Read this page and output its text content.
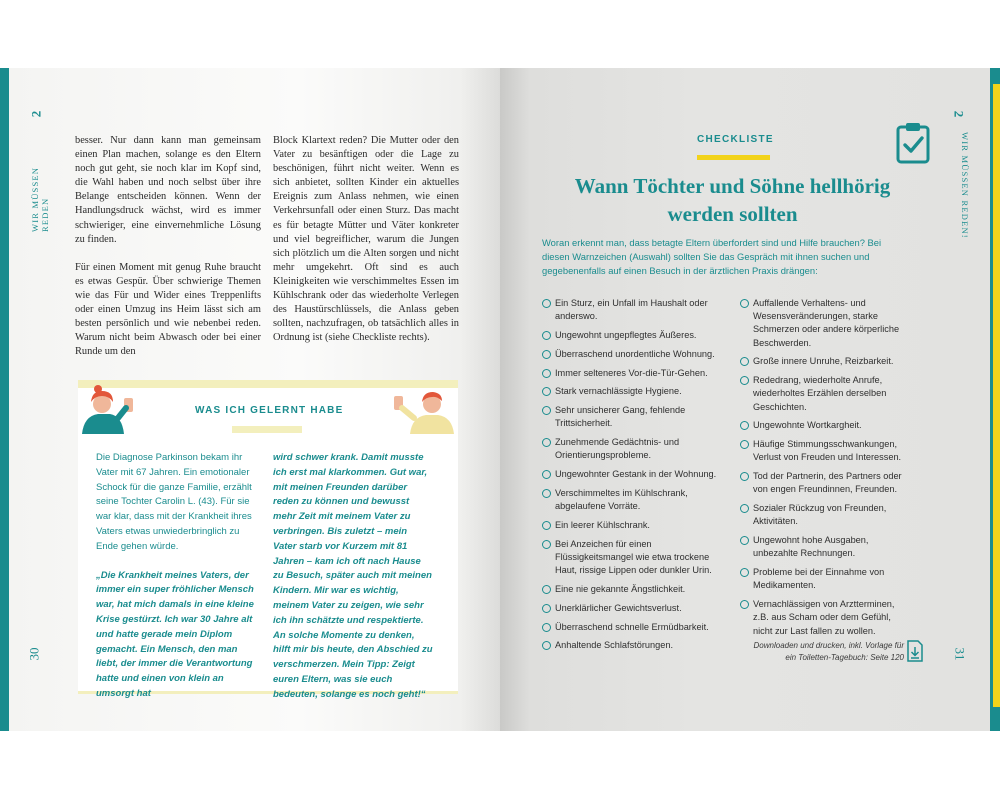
2
WIR MÜSSEN REDEN
30

besser. Nur dann kann man gemeinsam einen Plan machen, solange es den Eltern noch gut geht, sie noch klar im Kopf sind, die Wahl haben und noch selbst über ihre Belange entscheiden können. Wenn der Handlungsdruck wächst, wird es immer schwieriger, eine einvernehmliche Lösung zu finden.

Für einen Moment mit genug Ruhe braucht es etwas Gespür. Über schwierige Themen wie das Für und Wider eines Treppenlifts oder einen Umzug ins Heim lässt sich am besten persönlich und wie nebenbei reden. Warum nicht beim Abwasch oder bei einer Runde um den

Block Klartext reden? Die Mutter oder den Vater zu besänftigen oder die Lage zu beschönigen, führt nicht weiter. Wenn es sich anbietet, sollten Kinder ein aktuelles Ereignis zum Anlass nehmen, wie einen Verkehrsunfall oder einen Sturz. Das macht es für betagte Mütter und Väter konkreter und viel begreiflicher, warum die Jungen sich plötzlich um die Alten sorgen und nicht mehr umgekehrt. Oft sind es auch Kleinigkeiten wie verschimmeltes Essen im Kühlschrank oder das wiederholte Verlegen des Haustürschlüssels, die Anlass geben sollten, nachzufragen, ob tatsächlich alles in Ordnung ist (siehe Checkliste rechts).

WAS ICH GELERNT HABE
Die Diagnose Parkinson bekam ihr Vater mit 67 Jahren. Ein emotionaler Schock für die ganze Familie, erzählt seine Tochter Carolin L. (43). Für sie war klar, dass mit der Krankheit ihres Vaters etwas unwiederbringlich zu Ende gehen würde.
„Die Krankheit meines Vaters, der immer ein super fröhlicher Mensch war, hat mich damals in eine kleine Krise gestürzt. Ich war 30 Jahre alt und hatte gerade mein Diplom gemacht. Ein Mensch, den man liebt, der immer die Verantwortung hatte und einen von klein an umsorgt hat
wird schwer krank. Damit musste ich erst mal klarkommen. Gut war, mit meinen Freunden darüber reden zu können und bewusst mehr Zeit mit meinem Vater zu verbringen. Bis zuletzt – mein Vater starb vor Kurzem mit 81 Jahren – kam ich oft nach Hause zu Besuch, später auch mit meinen Kindern. Mir war es wichtig, meinem Vater zu zeigen, wie sehr ich ihn schätzte und respektierte. An solche Momente zu denken, hilft mir bis heute, den Abschied zu verschmerzen. Mein Tipp: Zeigt euren Eltern, was sie euch bedeuten, solange es noch geht!“
2
WIR MÜSSEN REDEN!
31
CHECKLISTE
Wann Töchter und Söhne hellhörig werden sollten
Woran erkennt man, dass betagte Eltern überfordert sind und Hilfe brauchen? Bei diesen Warnzeichen (Auswahl) sollten Sie das Gespräch mit ihnen suchen und gegebenenfalls auf einen Besuch in der ärztlichen Praxis drängen:
Ein Sturz, ein Unfall im Haushalt oder anderswo.
Ungewohnt ungepflegtes Äußeres.
Überraschend unordentliche Wohnung.
Immer selteneres Vor-die-Tür-Gehen.
Stark vernachlässigte Hygiene.
Sehr unsicherer Gang, fehlende Trittsicherheit.
Zunehmende Gedächtnis- und Orientierungsprobleme.
Ungewohnter Gestank in der Wohnung.
Verschimmeltes im Kühlschrank, abgelaufene Vorräte.
Ein leerer Kühlschrank.
Bei Anzeichen für einen Flüssigkeitsmangel wie etwa trockene Haut, rissige Lippen oder dunkler Urin.
Eine nie gekannte Ängstlichkeit.
Unerklärlicher Gewichtsverlust.
Überraschend schnelle Ermüdbarkeit.
Anhaltende Schlafstörungen.
Auffallende Verhaltens- und Wesensveränderungen, starke Schmerzen oder andere körperliche Beschwerden.
Große innere Unruhe, Reizbarkeit.
Rededrang, wiederholte Anrufe, wiederholtes Erzählen derselben Geschichten.
Ungewohnte Wortkargheit.
Häufige Stimmungsschwankungen, Verlust von Freuden und Interessen.
Tod der Partnerin, des Partners oder von engen Freundinnen, Freunden.
Sozialer Rückzug von Freunden, Aktivitäten.
Ungewohnt hohe Ausgaben, unbezahlte Rechnungen.
Probleme bei der Einnahme von Medikamenten.
Vernachlässigen von Arztterminen, z.B. aus Scham oder dem Gefühl, nicht zur Last fallen zu wollen.
Downloaden und drucken, inkl. Vorlage für ein Toiletten-Tagebuch: Seite 120
